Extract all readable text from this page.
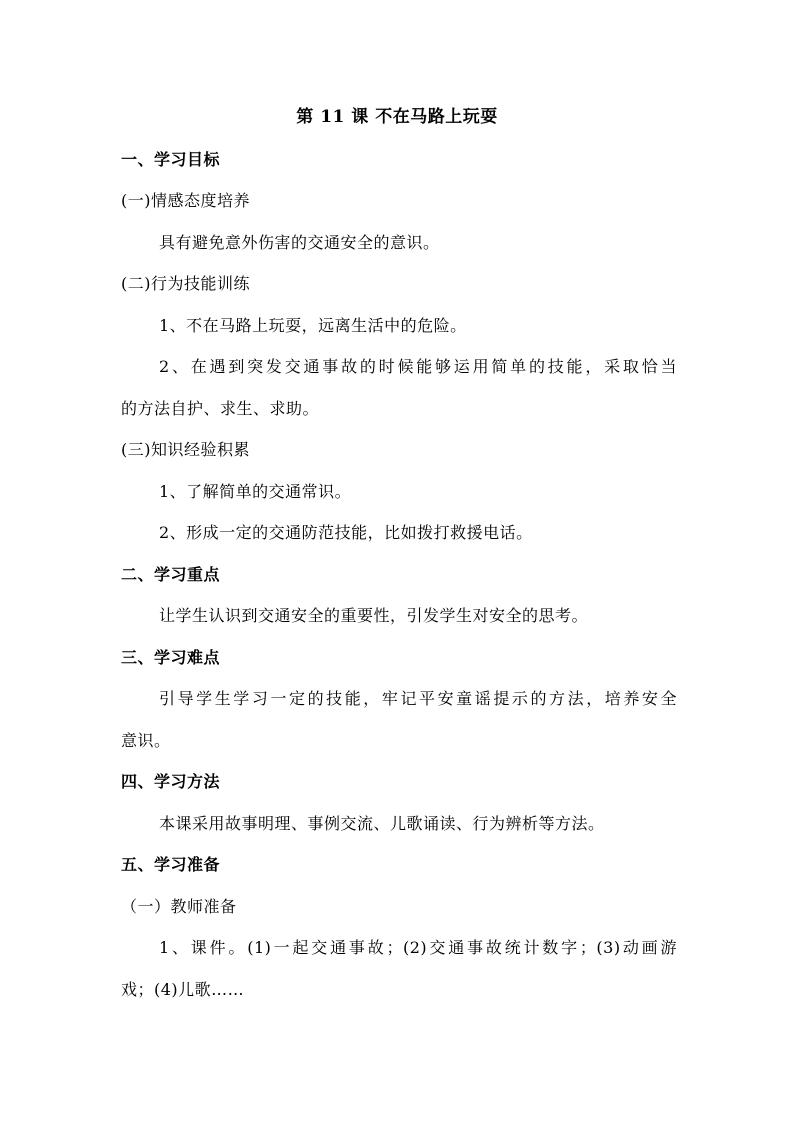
第 11 课 不在马路上玩耍
一、学习目标
(一)情感态度培养
具有避免意外伤害的交通安全的意识。
(二)行为技能训练
1、不在马路上玩耍，远离生活中的危险。
2、在遇到突发交通事故的时候能够运用简单的技能，采取恰当
的方法自护、求生、求助。
(三)知识经验积累
1、了解简单的交通常识。
2、形成一定的交通防范技能，比如拨打救援电话。
二、学习重点
让学生认识到交通安全的重要性，引发学生对安全的思考。
三、学习难点
引导学生学习一定的技能，牢记平安童谣提示的方法，培养安全
意识。
四、学习方法
本课采用故事明理、事例交流、儿歌诵读、行为辨析等方法。
五、学习准备
（一）教师准备
1、课件。(1)一起交通事故；(2)交通事故统计数字；(3)动画游
戏；(4)儿歌……
